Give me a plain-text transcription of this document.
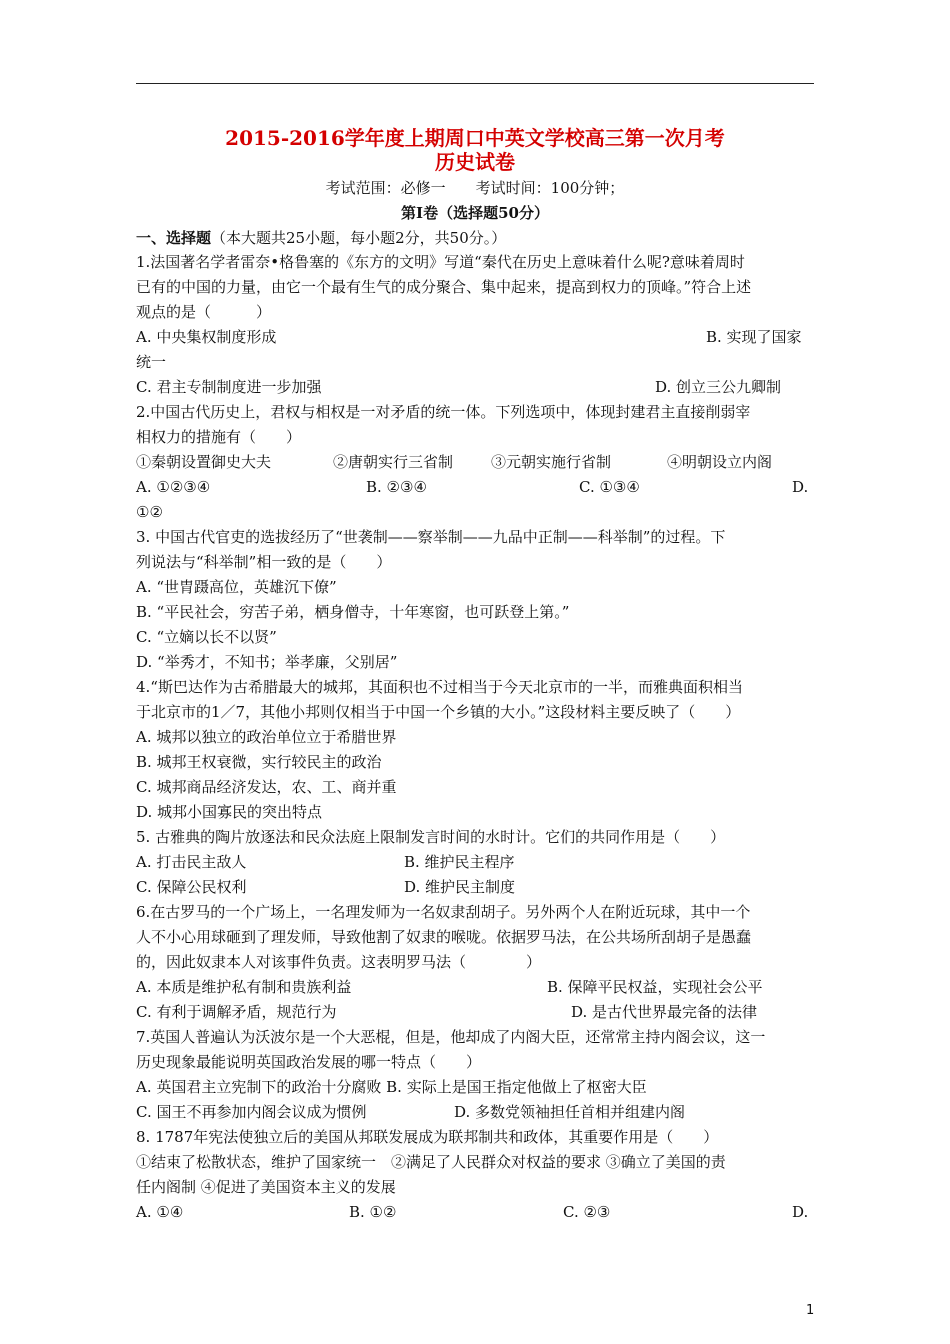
2015-2016学年度上期周口中英文学校高三第一次月考
历史试卷
考试范围：必修一　　考试时间：100分钟；
第Ⅰ卷（选择题50分）
一、选择题（本大题共25小题，每小题2分，共50分。）
1.法国著名学者雷奈•格鲁塞的《东方的文明》写道“秦代在历史上意味着什么呢?意味着周时
已有的中国的力量，由它一个最有生气的成分聚合、集中起来，提高到权力的顶峰。”符合上述
观点的是（　　　）
A. 中央集权制度形成	B. 实现了国家
统一
C. 君主专制制度进一步加强	D. 创立三公九卿制
2.中国古代历史上，君权与相权是一对矛盾的统一体。下列选项中，体现封建君主直接削弱宰
相权力的措施有（　　）
①秦朝设置御史大夫	②唐朝实行三省制	③元朝实施行省制	④明朝设立内阁
A. ①②③④	B. ②③④	C. ①③④	D.
①②
3. 中国古代官吏的选拔经历了“世袭制——察举制——九品中正制——科举制”的过程。下
列说法与“科举制”相一致的是（　　）
A. “世胄蹑高位，英雄沉下僚”
B. “平民社会，穷苦子弟，栖身僧寺，十年寒窗，也可跃登上第。”
C. “立嫡以长不以贤”
D. “举秀才，不知书；举孝廉，父别居”
4.“斯巴达作为古希腊最大的城邦，其面积也不过相当于今天北京市的一半，而雅典面积相当
于北京市的1／7，其他小邦则仅相当于中国一个乡镇的大小。”这段材料主要反映了（　　）
A. 城邦以独立的政治单位立于希腊世界
B. 城邦王权衰微，实行较民主的政治
C. 城邦商品经济发达，农、工、商并重
D. 城邦小国寡民的突出特点
5. 古雅典的陶片放逐法和民众法庭上限制发言时间的水时计。它们的共同作用是（　　）
A. 打击民主敌人	B. 维护民主程序
C. 保障公民权利	D. 维护民主制度
6.在古罗马的一个广场上，一名理发师为一名奴隶刮胡子。另外两个人在附近玩球，其中一个
人不小心用球砸到了理发师，导致他割了奴隶的喉咙。依据罗马法，在公共场所刮胡子是愚蠢
的，因此奴隶本人对该事件负责。这表明罗马法（　　　　）
A. 本质是维护私有制和贵族利益	B. 保障平民权益，实现社会公平
C. 有利于调解矛盾，规范行为	D. 是古代世界最完备的法律
7.英国人普遍认为沃波尔是一个大恶棍，但是，他却成了内阁大臣，还常常主持内阁会议，这一
历史现象最能说明英国政治发展的哪一特点（　　）
A. 英国君主立宪制下的政治十分腐败 B. 实际上是国王指定他做上了枢密大臣
C. 国王不再参加内阁会议成为惯例	D. 多数党领袖担任首相并组建内阁
8. 1787年宪法使独立后的美国从邦联发展成为联邦制共和政体，其重要作用是（　　）
①结束了松散状态，维护了国家统一　②满足了人民群众对权益的要求 ③确立了美国的责
任内阁制 ④促进了美国资本主义的发展
A. ①④	B. ①②	C. ②③	D.
1
